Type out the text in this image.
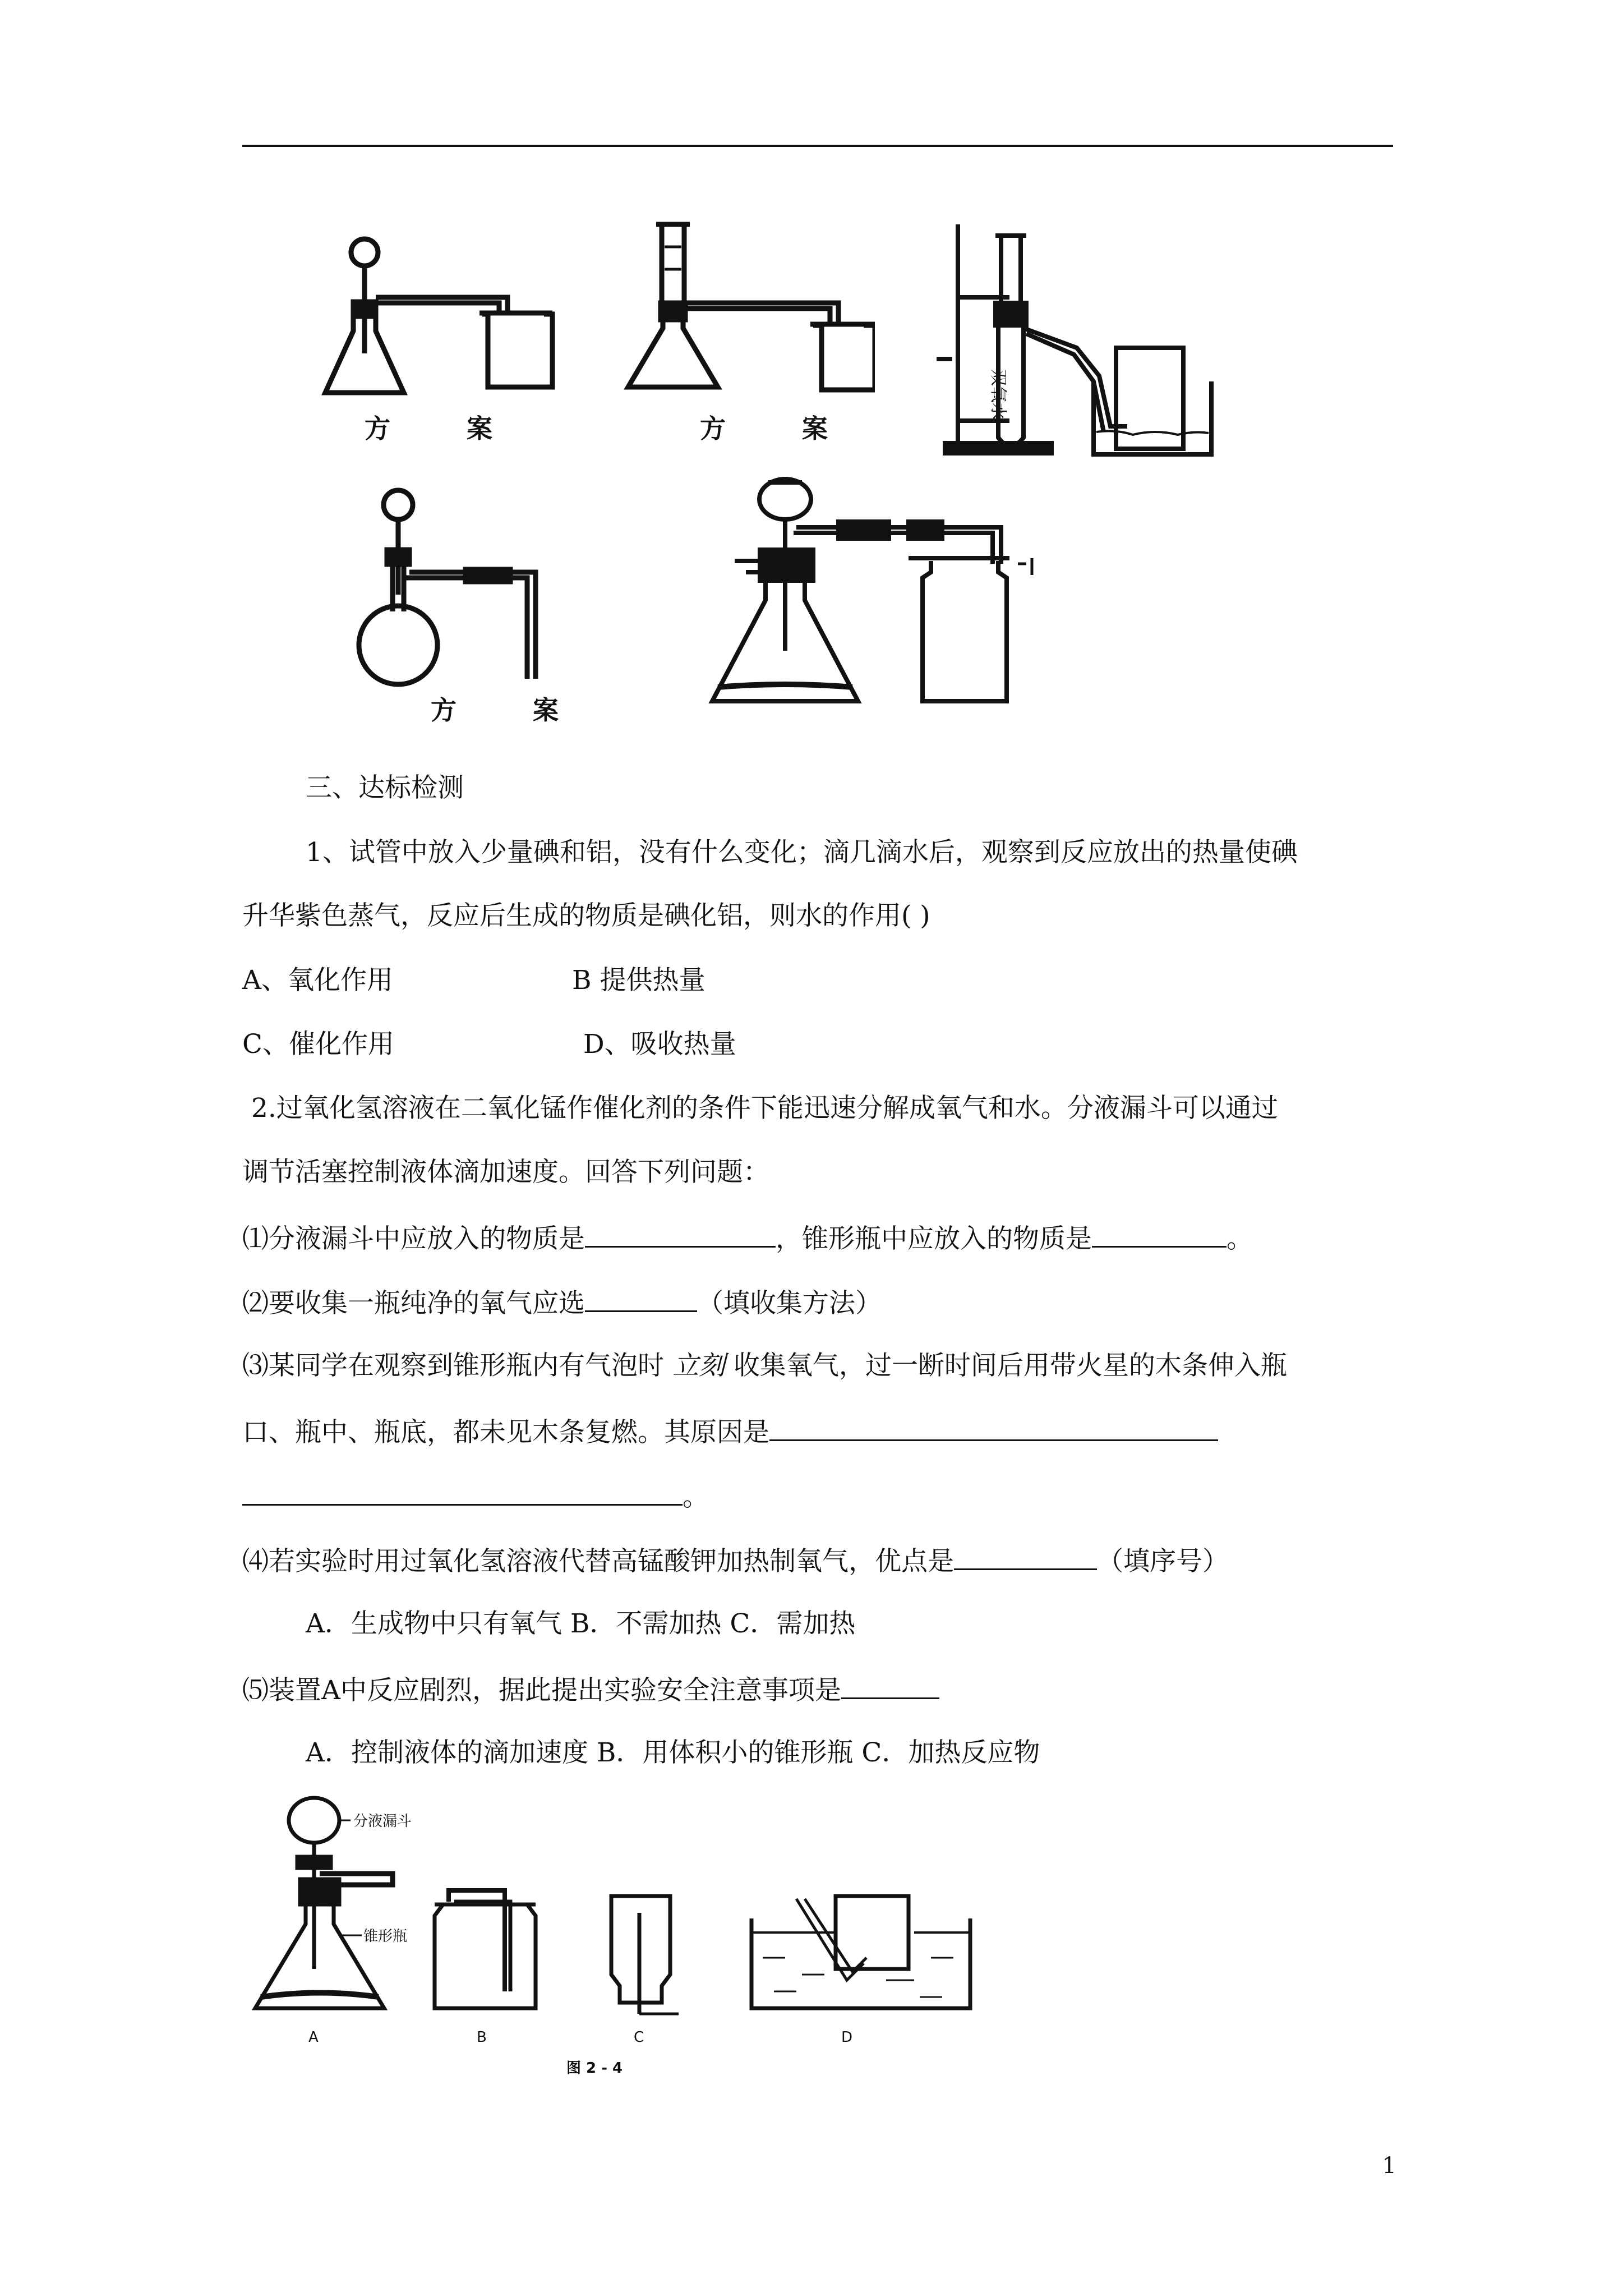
方 案	方 案
双氧水
方 案
三、达标检测
1、试管中放入少量碘和铝，没有什么变化；滴几滴水后，观察到反应放出的热量使碘
升华紫色蒸气，反应后生成的物质是碘化铝，则水的作用( )
A、氧化作用	B 提供热量
C、催化作用	D、吸收热量
2.过氧化氢溶液在二氧化锰作催化剂的条件下能迅速分解成氧气和水。分液漏斗可以通过
调节活塞控制液体滴加速度。回答下列问题：
⑴分液漏斗中应放入的物质是	，锥形瓶中应放入的物质是	。
⑵要收集一瓶纯净的氧气应选	（填收集方法）
⑶某同学在观察到锥形瓶内有气泡时 立刻 收集氧气，过一断时间后用带火星的木条伸入瓶
口、瓶中、瓶底，都未见木条复燃。其原因是
。
⑷若实验时用过氧化氢溶液代替高锰酸钾加热制氧气，优点是	（填序号）
A．生成物中只有氧气 B．不需加热 C．需加热
⑸装置A中反应剧烈，据此提出实验安全注意事项是
A．控制液体的滴加速度 B．用体积小的锥形瓶 C．加热反应物
分液漏斗
锥形瓶
A	B	C	D
图 2 - 4
1
